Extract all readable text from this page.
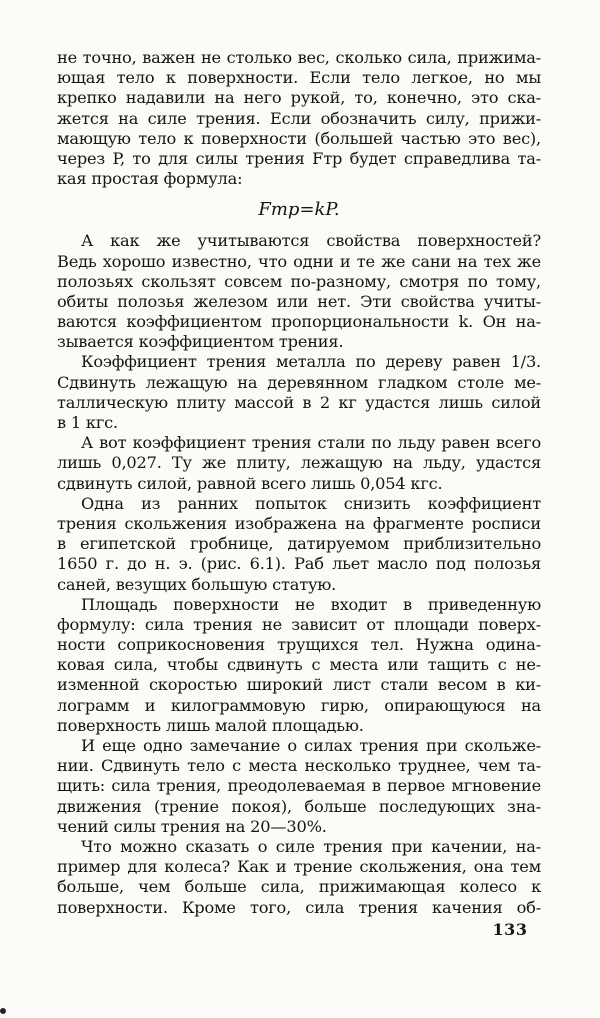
не точно, важен не столько вес, сколько сила, прижима-
ющая тело к поверхности. Если тело легкое, но мы
крепко надавили на него рукой, то, конечно, это ска-
жется на силе трения. Если обозначить силу, прижи-
мающую тело к поверхности (большей частью это вес),
через P, то для силы трения Fтр будет справедлива та-
кая простая формула:
Fтр=kP.
А как же учитываются свойства поверхностей?
Ведь хорошо известно, что одни и те же сани на тех же
полозьях скользят совсем по-разному, смотря по тому,
обиты полозья железом или нет. Эти свойства учиты-
ваются коэффициентом пропорциональности k. Он на-
зывается коэффициентом трения.
Коэффициент трения металла по дереву равен 1/3.
Сдвинуть лежащую на деревянном гладком столе ме-
таллическую плиту массой в 2 кг удастся лишь силой
в 1 кгс.
А вот коэффициент трения стали по льду равен всего
лишь 0,027. Ту же плиту, лежащую на льду, удастся
сдвинуть силой, равной всего лишь 0,054 кгс.
Одна из ранних попыток снизить коэффициент
трения скольжения изображена на фрагменте росписи
в египетской гробнице, датируемом приблизительно
1650 г. до н. э. (рис. 6.1). Раб льет масло под полозья
саней, везущих большую статую.
Площадь поверхности не входит в приведенную
формулу: сила трения не зависит от площади поверх-
ности соприкосновения трущихся тел. Нужна одина-
ковая сила, чтобы сдвинуть с места или тащить с не-
изменной скоростью широкий лист стали весом в ки-
лограмм и килограммовую гирю, опирающуюся на
поверхность лишь малой площадью.
И еще одно замечание о силах трения при скольже-
нии. Сдвинуть тело с места несколько труднее, чем та-
щить: сила трения, преодолеваемая в первое мгновение
движения (трение покоя), больше последующих зна-
чений силы трения на 20—30%.
Что можно сказать о силе трения при качении, на-
пример для колеса? Как и трение скольжения, она тем
больше, чем больше сила, прижимающая колесо к
поверхности. Кроме того, сила трения качения об-
133
